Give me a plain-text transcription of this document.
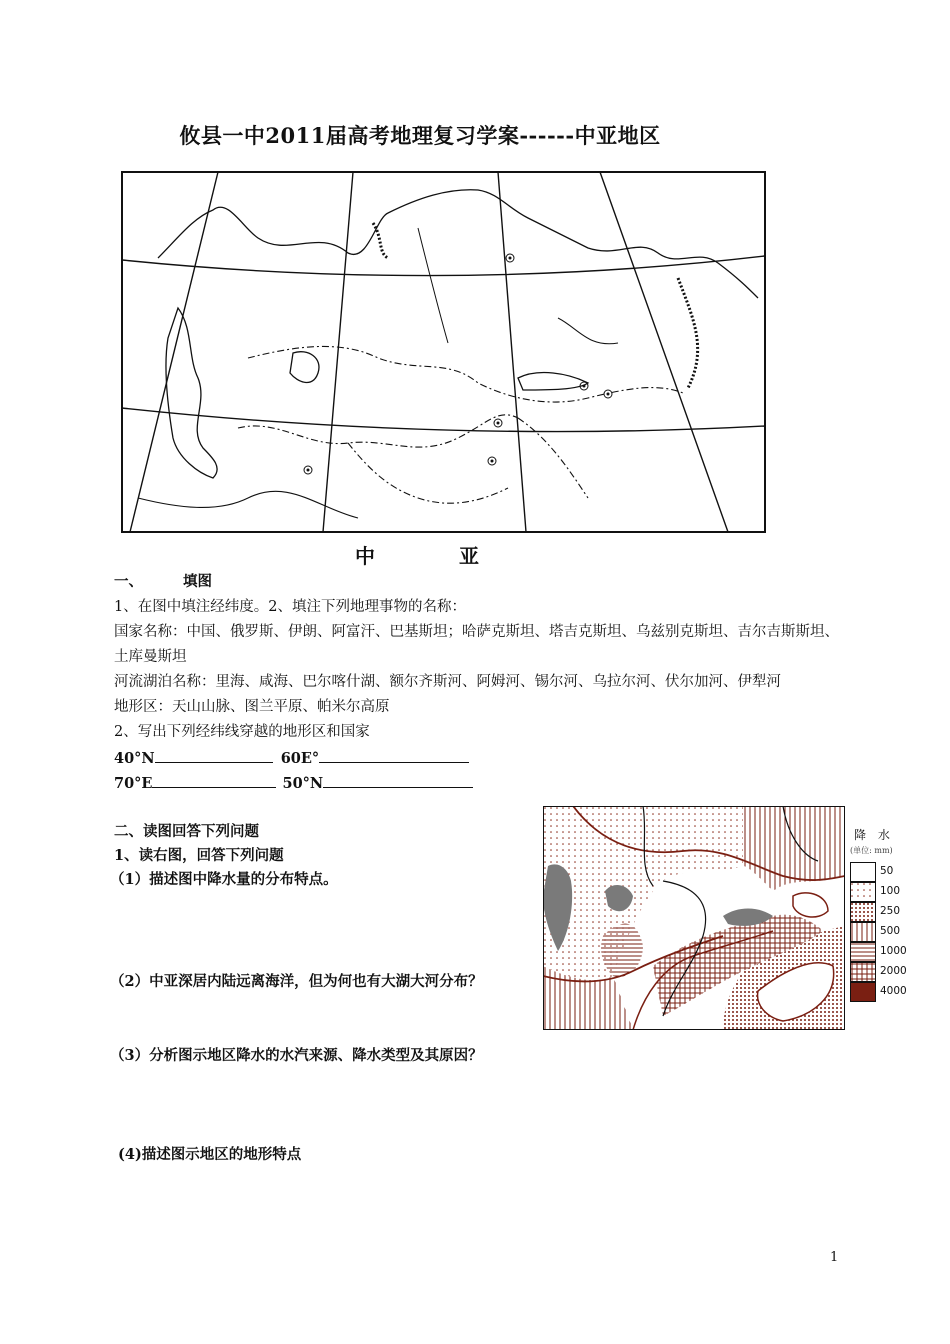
攸县一中2011届高考地理复习学案------中亚地区
中	亚
一、	填图
1、在图中填注经纬度。2、填注下列地理事物的名称：
国家名称：中国、俄罗斯、伊朗、阿富汗、巴基斯坦；哈萨克斯坦、塔吉克斯坦、乌兹别克斯坦、吉尔吉斯斯坦、土库曼斯坦
河流湖泊名称：里海、咸海、巴尔喀什湖、额尔齐斯河、阿姆河、锡尔河、乌拉尔河、伏尔加河、伊犁河
地形区：天山山脉、图兰平原、帕米尔高原
2、写出下列经纬线穿越的地形区和国家
40°N	60E°
70°E	50°N
二、读图回答下列问题
1、读右图，回答下列问题
（1）描述图中降水量的分布特点。
（2）中亚深居内陆远离海洋，但为何也有大湖大河分布？
（3）分析图示地区降水的水汽来源、降水类型及其原因？
(4)描述图示地区的地形特点
降 水
(单位: mm)
50
100
250
500
1000
2000
4000
1
